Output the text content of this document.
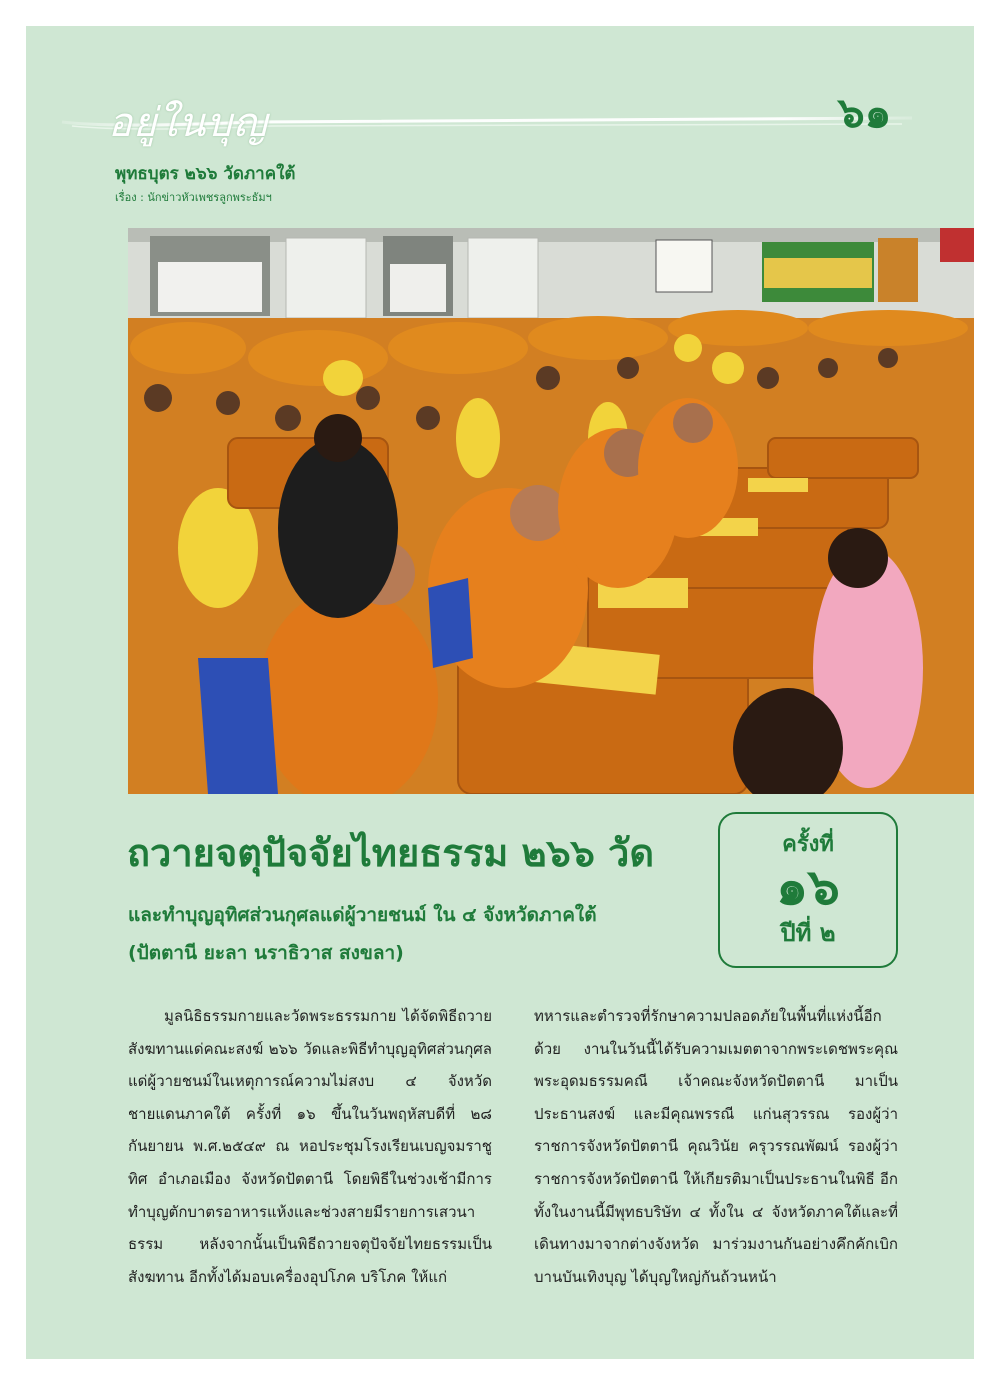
อยู่ในบุญ	๖๑
พุทธบุตร ๒๖๖ วัดภาคใต้
เรื่อง : นักข่าวหัวเพชรลูกพระธัมฯ
ถวายจตุปัจจัยไทยธรรม ๒๖๖ วัด
และทำบุญอุทิศส่วนกุศลแด่ผู้วายชนม์ ใน ๔ จังหวัดภาคใต้
(ปัตตานี ยะลา นราธิวาส สงขลา)
ครั้งที่
๑๖
ปีที่ ๒

มูลนิธิธรรมกายและวัดพระธรรมกาย ได้จัดพิธีถวายสังฆทานแด่คณะสงฆ์ ๒๖๖ วัดและพิธีทำบุญอุทิศส่วนกุศลแด่ผู้วายชนม์ในเหตุการณ์ความไม่สงบ ๔ จังหวัดชายแดนภาคใต้ ครั้งที่ ๑๖ ขึ้นในวันพฤหัสบดีที่ ๒๘ กันยายน พ.ศ.๒๕๔๙ ณ หอประชุมโรงเรียนเบญจมราชูทิศ อำเภอเมือง จังหวัดปัตตานี โดยพิธีในช่วงเช้ามีการทำบุญตักบาตรอาหารแห้งและช่วงสายมีรายการเสวนาธรรม หลังจากนั้นเป็นพิธีถวายจตุปัจจัยไทยธรรมเป็นสังฆทาน อีกทั้งได้มอบเครื่องอุปโภค บริโภค ให้แก่

ทหารและตำรวจที่รักษาความปลอดภัยในพื้นที่แห่งนี้อีกด้วย งานในวันนี้ได้รับความเมตตาจากพระเดชพระคุณพระอุดมธรรมคณี เจ้าคณะจังหวัดปัตตานี มาเป็นประธานสงฆ์ และมีคุณพรรณี แก่นสุวรรณ รองผู้ว่าราชการจังหวัดปัตตานี คุณวินัย ครุวรรณพัฒน์ รองผู้ว่าราชการจังหวัดปัตตานี ให้เกียรติมาเป็นประธานในพิธี อีกทั้งในงานนี้มีพุทธบริษัท ๔ ทั้งใน ๔ จังหวัดภาคใต้และที่เดินทางมาจากต่างจังหวัด มาร่วมงานกันอย่างคึกคักเบิกบานบันเทิงบุญ ได้บุญใหญ่กันถ้วนหน้า
